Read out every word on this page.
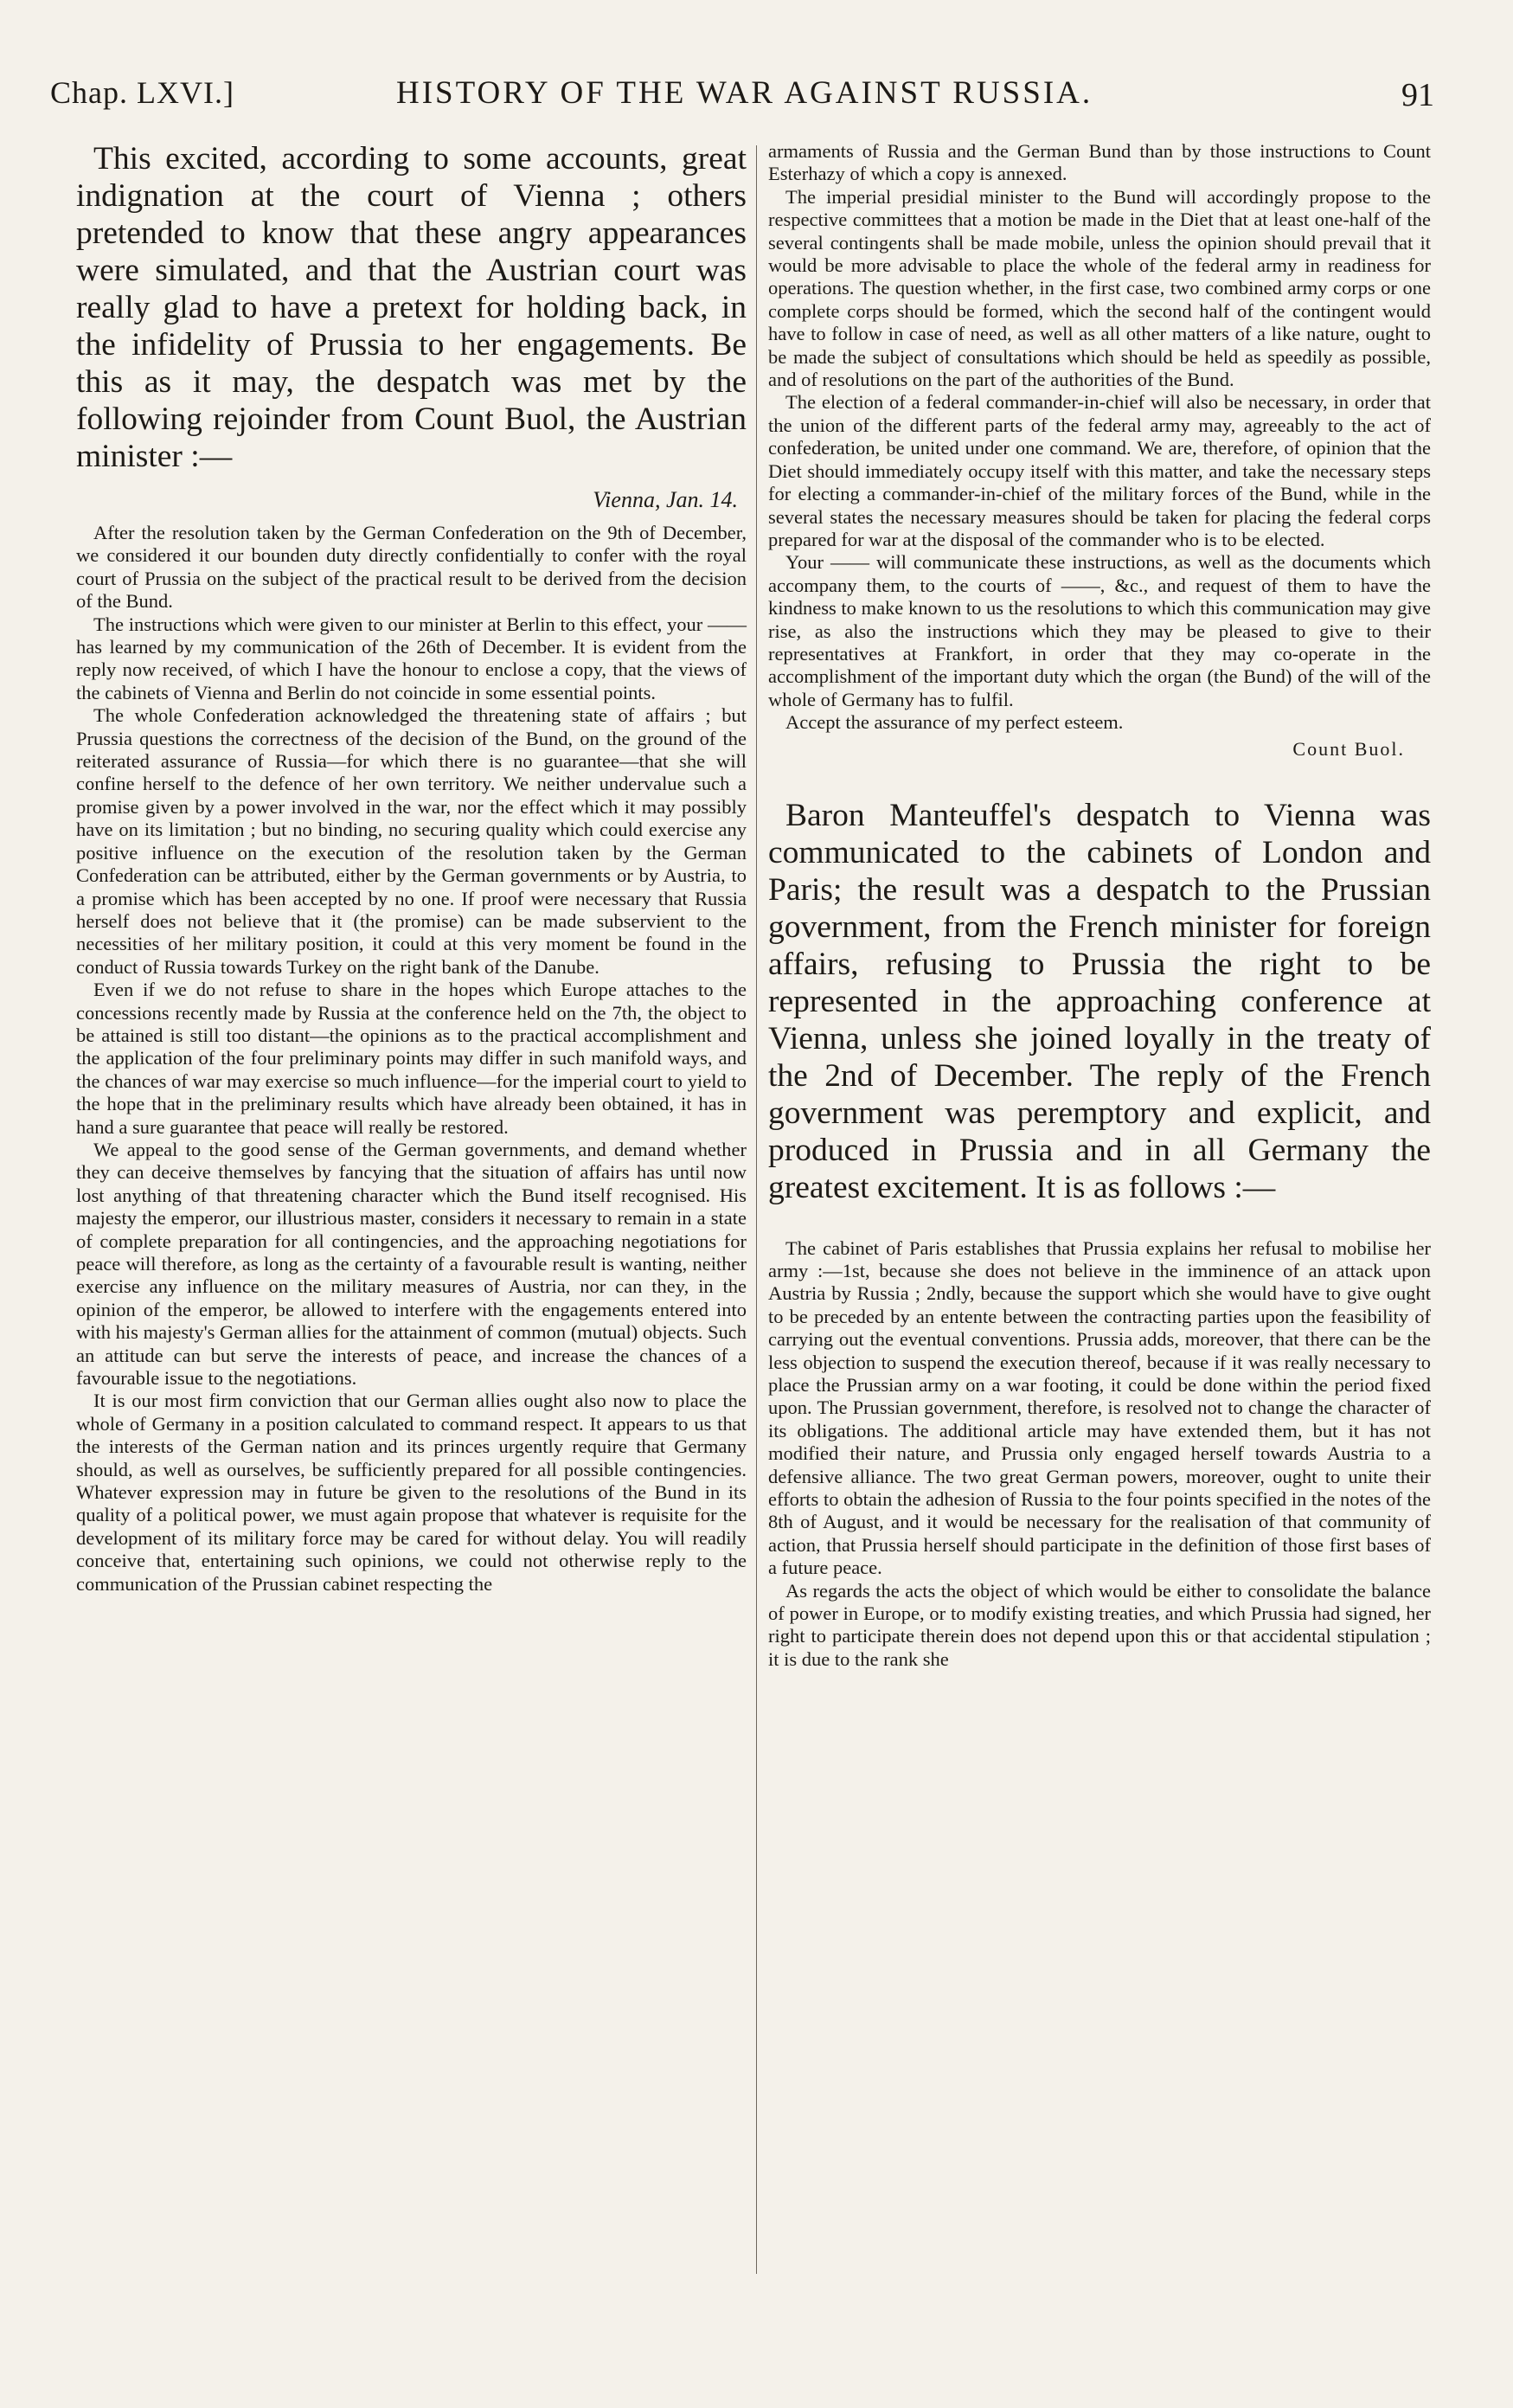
Chap. LXVI.]	HISTORY OF THE WAR AGAINST RUSSIA.	91

This excited, according to some accounts, great indignation at the court of Vienna ; others pretended to know that these angry appearances were simulated, and that the Austrian court was really glad to have a pretext for holding back, in the infidelity of Prussia to her engagements. Be this as it may, the despatch was met by the following rejoinder from Count Buol, the Austrian minister :—

Vienna, Jan. 14.

After the resolution taken by the German Confederation on the 9th of December, we considered it our bounden duty directly confidentially to confer with the royal court of Prussia on the subject of the practical result to be derived from the decision of the Bund.

The instructions which were given to our minister at Berlin to this effect, your —— has learned by my communication of the 26th of December. It is evident from the reply now received, of which I have the honour to enclose a copy, that the views of the cabinets of Vienna and Berlin do not coincide in some essential points.

The whole Confederation acknowledged the threatening state of affairs ; but Prussia questions the correctness of the decision of the Bund, on the ground of the reiterated assurance of Russia—for which there is no guarantee—that she will confine herself to the defence of her own territory. We neither undervalue such a promise given by a power involved in the war, nor the effect which it may possibly have on its limitation ; but no binding, no securing quality which could exercise any positive influence on the execution of the resolution taken by the German Confederation can be attributed, either by the German governments or by Austria, to a promise which has been accepted by no one. If proof were necessary that Russia herself does not believe that it (the promise) can be made subservient to the necessities of her military position, it could at this very moment be found in the conduct of Russia towards Turkey on the right bank of the Danube.

Even if we do not refuse to share in the hopes which Europe attaches to the concessions recently made by Russia at the conference held on the 7th, the object to be attained is still too distant—the opinions as to the practical accomplishment and the application of the four preliminary points may differ in such manifold ways, and the chances of war may exercise so much influence—for the imperial court to yield to the hope that in the preliminary results which have already been obtained, it has in hand a sure guarantee that peace will really be restored.

We appeal to the good sense of the German governments, and demand whether they can deceive themselves by fancying that the situation of affairs has until now lost anything of that threatening character which the Bund itself recognised. His majesty the emperor, our illustrious master, considers it necessary to remain in a state of complete preparation for all contingencies, and the approaching negotiations for peace will therefore, as long as the certainty of a favourable result is wanting, neither exercise any influence on the military measures of Austria, nor can they, in the opinion of the emperor, be allowed to interfere with the engagements entered into with his majesty's German allies for the attainment of common (mutual) objects. Such an attitude can but serve the interests of peace, and increase the chances of a favourable issue to the negotiations.

It is our most firm conviction that our German allies ought also now to place the whole of Germany in a position calculated to command respect. It appears to us that the interests of the German nation and its princes urgently require that Germany should, as well as ourselves, be sufficiently prepared for all possible contingencies. Whatever expression may in future be given to the resolutions of the Bund in its quality of a political power, we must again propose that whatever is requisite for the development of its military force may be cared for without delay. You will readily conceive that, entertaining such opinions, we could not otherwise reply to the communication of the Prussian cabinet respecting the

armaments of Russia and the German Bund than by those instructions to Count Esterhazy of which a copy is annexed.

The imperial presidial minister to the Bund will accordingly propose to the respective committees that a motion be made in the Diet that at least one-half of the several contingents shall be made mobile, unless the opinion should prevail that it would be more advisable to place the whole of the federal army in readiness for operations. The question whether, in the first case, two combined army corps or one complete corps should be formed, which the second half of the contingent would have to follow in case of need, as well as all other matters of a like nature, ought to be made the subject of consultations which should be held as speedily as possible, and of resolutions on the part of the authorities of the Bund.

The election of a federal commander-in-chief will also be necessary, in order that the union of the different parts of the federal army may, agreeably to the act of confederation, be united under one command. We are, therefore, of opinion that the Diet should immediately occupy itself with this matter, and take the necessary steps for electing a commander-in-chief of the military forces of the Bund, while in the several states the necessary measures should be taken for placing the federal corps prepared for war at the disposal of the commander who is to be elected.

Your —— will communicate these instructions, as well as the documents which accompany them, to the courts of ——, &c., and request of them to have the kindness to make known to us the resolutions to which this communication may give rise, as also the instructions which they may be pleased to give to their representatives at Frankfort, in order that they may co-operate in the accomplishment of the important duty which the organ (the Bund) of the will of the whole of Germany has to fulfil.

Accept the assurance of my perfect esteem.

Count Buol.

Baron Manteuffel's despatch to Vienna was communicated to the cabinets of London and Paris; the result was a despatch to the Prussian government, from the French minister for foreign affairs, refusing to Prussia the right to be represented in the approaching conference at Vienna, unless she joined loyally in the treaty of the 2nd of December. The reply of the French government was peremptory and explicit, and produced in Prussia and in all Germany the greatest excitement. It is as follows :—

The cabinet of Paris establishes that Prussia explains her refusal to mobilise her army :—1st, because she does not believe in the imminence of an attack upon Austria by Russia ; 2ndly, because the support which she would have to give ought to be preceded by an entente between the contracting parties upon the feasibility of carrying out the eventual conventions. Prussia adds, moreover, that there can be the less objection to suspend the execution thereof, because if it was really necessary to place the Prussian army on a war footing, it could be done within the period fixed upon. The Prussian government, therefore, is resolved not to change the character of its obligations. The additional article may have extended them, but it has not modified their nature, and Prussia only engaged herself towards Austria to a defensive alliance. The two great German powers, moreover, ought to unite their efforts to obtain the adhesion of Russia to the four points specified in the notes of the 8th of August, and it would be necessary for the realisation of that community of action, that Prussia herself should participate in the definition of those first bases of a future peace.

As regards the acts the object of which would be either to consolidate the balance of power in Europe, or to modify existing treaties, and which Prussia had signed, her right to participate therein does not depend upon this or that accidental stipulation ; it is due to the rank she
